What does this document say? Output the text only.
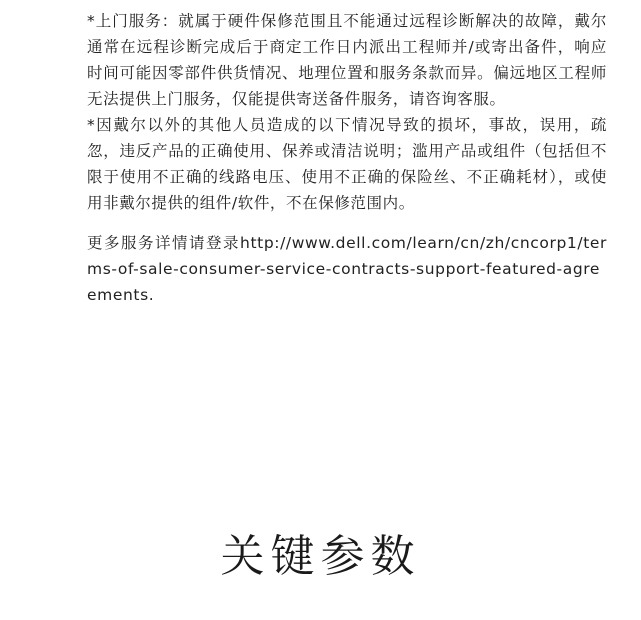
*上门服务：就属于硬件保修范围且不能通过远程诊断解决的故障，戴尔通常在远程诊断完成后于商定工作日内派出工程师并/或寄出备件，响应时间可能因零部件供货情况、地理位置和服务条款而异。偏远地区工程师无法提供上门服务，仅能提供寄送备件服务，请咨询客服。

*因戴尔以外的其他人员造成的以下情况导致的损坏，事故，误用，疏忽，违反产品的正确使用、保养或清洁说明；滥用产品或组件（包括但不限于使用不正确的线路电压、使用不正确的保险丝、不正确耗材），或使用非戴尔提供的组件/软件，不在保修范围内。

更多服务详情请登录http://www.dell.com/learn/cn/zh/cncorp1/terms-of-sale-consumer-service-contracts-support-featured-agreements.

关键参数
